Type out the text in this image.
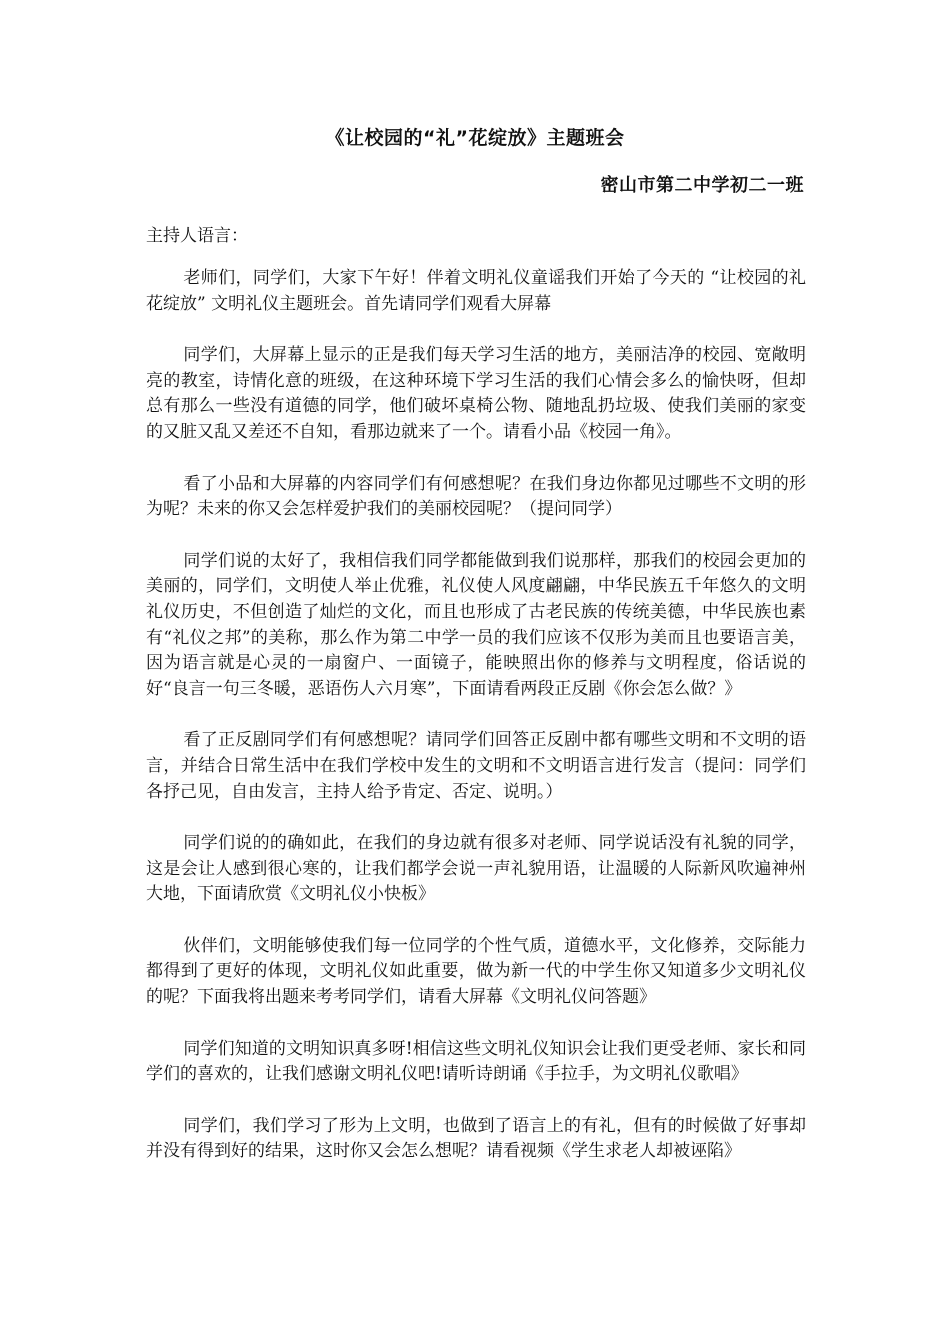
《让校园的“礼”花绽放》主题班会
密山市第二中学初二一班
主持人语言：

老师们，同学们，大家下午好！伴着文明礼仪童谣我们开始了今天的 “让校园的礼花绽放” 文明礼仪主题班会。首先请同学们观看大屏幕

同学们，大屏幕上显示的正是我们每天学习生活的地方，美丽洁净的校园、宽敞明亮的教室，诗情化意的班级，在这种环境下学习生活的我们心情会多么的愉快呀，但却总有那么一些没有道德的同学，他们破坏桌椅公物、随地乱扔垃圾、使我们美丽的家变的又脏又乱又差还不自知，看那边就来了一个。请看小品《校园一角》。

看了小品和大屏幕的内容同学们有何感想呢？在我们身边你都见过哪些不文明的形为呢？未来的你又会怎样爱护我们的美丽校园呢？（提问同学）

同学们说的太好了，我相信我们同学都能做到我们说那样，那我们的校园会更加的美丽的，同学们，文明使人举止优雅，礼仪使人风度翩翩，中华民族五千年悠久的文明礼仪历史，不但创造了灿烂的文化，而且也形成了古老民族的传统美德，中华民族也素有“礼仪之邦”的美称，那么作为第二中学一员的我们应该不仅形为美而且也要语言美，因为语言就是心灵的一扇窗户、一面镜子，能映照出你的修养与文明程度，俗话说的好“良言一句三冬暖，恶语伤人六月寒”，下面请看两段正反剧《你会怎么做？》

看了正反剧同学们有何感想呢？请同学们回答正反剧中都有哪些文明和不文明的语言，并结合日常生活中在我们学校中发生的文明和不文明语言进行发言（提问：同学们各抒己见，自由发言，主持人给予肯定、否定、说明。）

同学们说的的确如此，在我们的身边就有很多对老师、同学说话没有礼貌的同学，这是会让人感到很心寒的，让我们都学会说一声礼貌用语，让温暖的人际新风吹遍神州大地，下面请欣赏《文明礼仪小快板》

伙伴们，文明能够使我们每一位同学的个性气质，道德水平，文化修养，交际能力都得到了更好的体现，文明礼仪如此重要，做为新一代的中学生你又知道多少文明礼仪的呢？下面我将出题来考考同学们，请看大屏幕《文明礼仪问答题》

同学们知道的文明知识真多呀!相信这些文明礼仪知识会让我们更受老师、家长和同学们的喜欢的，让我们感谢文明礼仪吧!请听诗朗诵《手拉手，为文明礼仪歌唱》

同学们，我们学习了形为上文明，也做到了语言上的有礼，但有的时候做了好事却并没有得到好的结果，这时你又会怎么想呢？请看视频《学生求老人却被诬陷》
